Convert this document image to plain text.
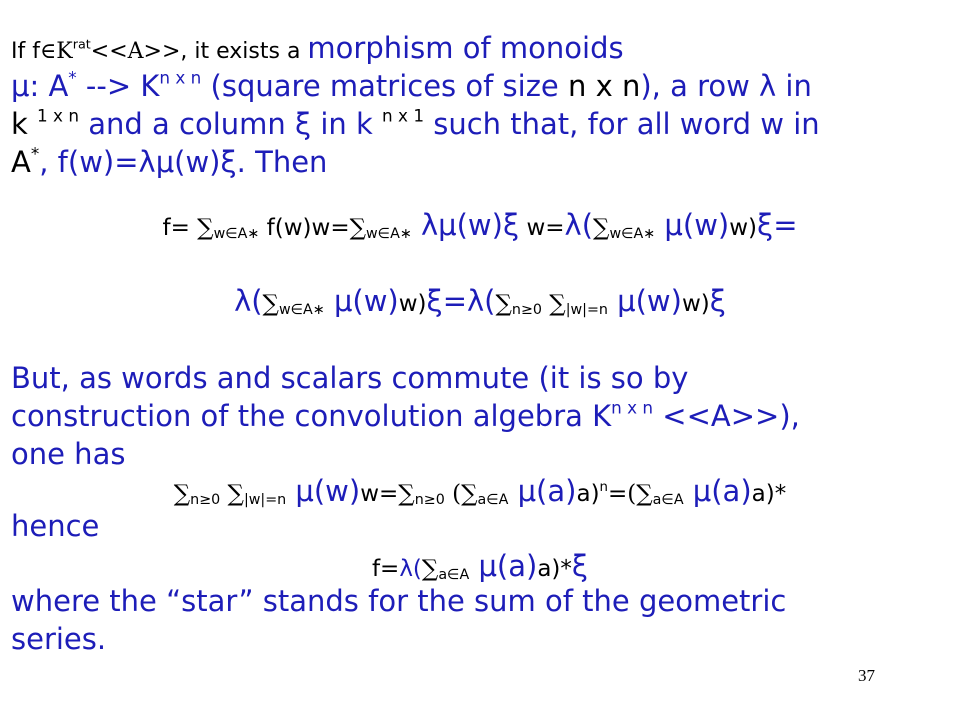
If $f\in K^{rat}<<A>>$, it exists a morphism of monoids
μ: A* --> $K^{n x n}$ (square matrices of size n x n), a row λ in
k $^{1 x n}$ and a column ξ in k $^{n x 1}$ such that, for all word w in
A*, f(w)=λμ(w)ξ. Then
$f= \sum_{w\in A∗}$ $f(w)w=\sum_{w\in A∗}$ λμ(w)ξ $w=\lambda(\sum_{w\in A∗}$ μ(w)w)ξ=
$\lambda(\sum_{w\in A∗}$ $\mu(w)w)\xi=\lambda(\sum_{n\ge 0}$ $\sum_{|w|=n}$ μ(w)w)ξ
But, as words and scalars commute (it is so by
construction of the convolution algebra $K^{n x n} <<A>>$),
one has
$\sum_{n\ge 0}$ $\sum_{|w|=n}$ $\mu(w)w=\sum_{n\ge 0}$ ($\sum_{a\in A}$ $\mu(a)a)^n=(\sum_{a\in A}$ μ(a)a)*
hence
$f=\lambda(\sum_{a\in A}$ μ(a)a)*ξ
where the “star” stands for the sum of the geometric
series.
37
